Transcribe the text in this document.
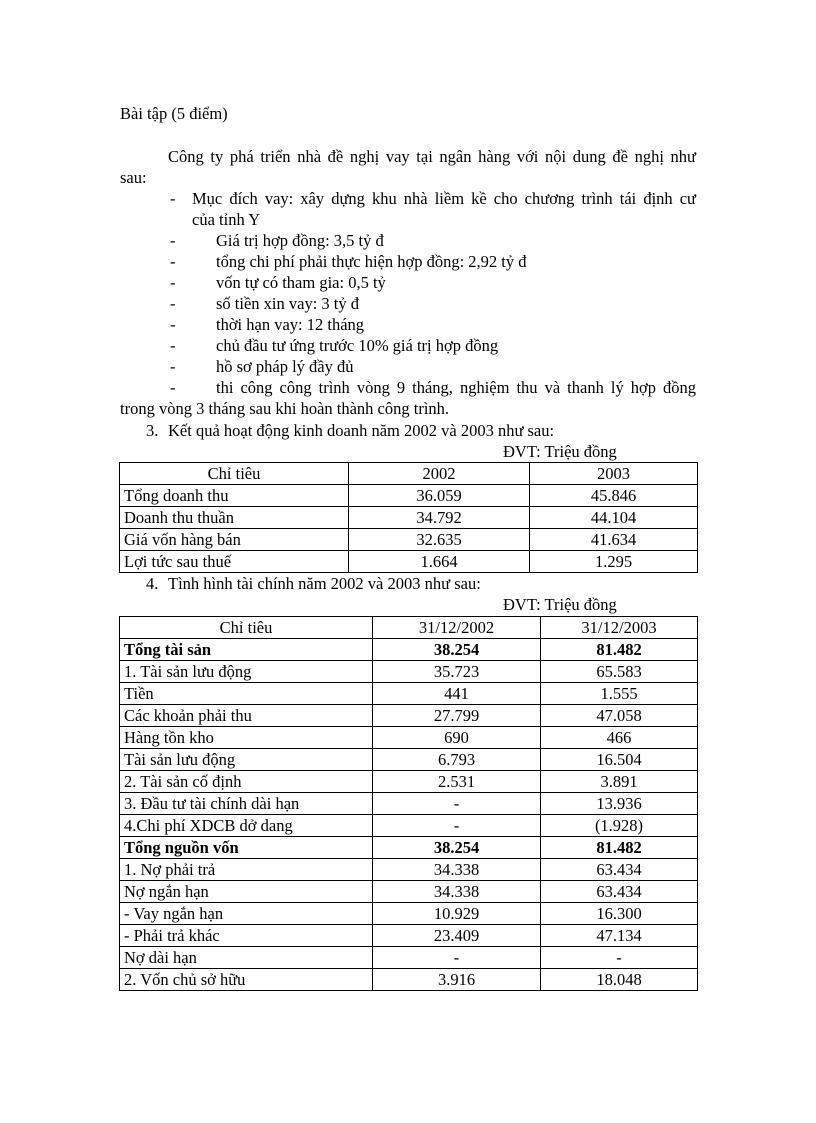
Bài tập (5 điểm)
Công ty phá triển nhà đề nghị vay tại ngân hàng với nội dung đề nghị như
sau:
- Mục đích vay: xây dựng khu nhà liềm kề cho chương trình tái định cư
của tỉnh Y
- Giá trị hợp đồng: 3,5 tỷ đ
- tổng chi phí phải thực hiện hợp đồng: 2,92 tỷ đ
- vốn tự có tham gia: 0,5 tỷ
- số tiền xin vay: 3 tỷ đ
- thời hạn vay: 12 tháng
- chủ đầu tư ứng trước 10% giá trị hợp đồng
- hồ sơ pháp lý đầy đủ
- thi công công trình vòng 9 tháng, nghiệm thu và thanh lý hợp đồng
trong vòng 3 tháng sau khi hoàn thành công trình.
3. Kết quả hoạt động kinh doanh năm 2002 và 2003 như sau:
ĐVT: Triệu đồng
Chỉ tiêu	2002	2003
Tổng doanh thu	36.059	45.846
Doanh thu thuần	34.792	44.104
Giá vốn hàng bán	32.635	41.634
Lợi tức sau thuế	1.664	1.295
4. Tình hình tài chính năm 2002 và 2003 như sau:
ĐVT: Triệu đồng
Chỉ tiêu	31/12/2002	31/12/2003
Tổng tài sản	38.254	81.482
1. Tài sản lưu động	35.723	65.583
Tiền	441	1.555
Các khoản phải thu	27.799	47.058
Hàng tồn kho	690	466
Tài sản lưu động	6.793	16.504
2. Tài sản cố định	2.531	3.891
3. Đầu tư tài chính dài hạn	-	13.936
4.Chi phí XDCB dở dang	-	(1.928)
Tổng nguồn vốn	38.254	81.482
1. Nợ phải trả	34.338	63.434
Nợ ngắn hạn	34.338	63.434
- Vay ngắn hạn	10.929	16.300
- Phải trả khác	23.409	47.134
Nợ dài hạn	-	-
2. Vốn chủ sở hữu	3.916	18.048
